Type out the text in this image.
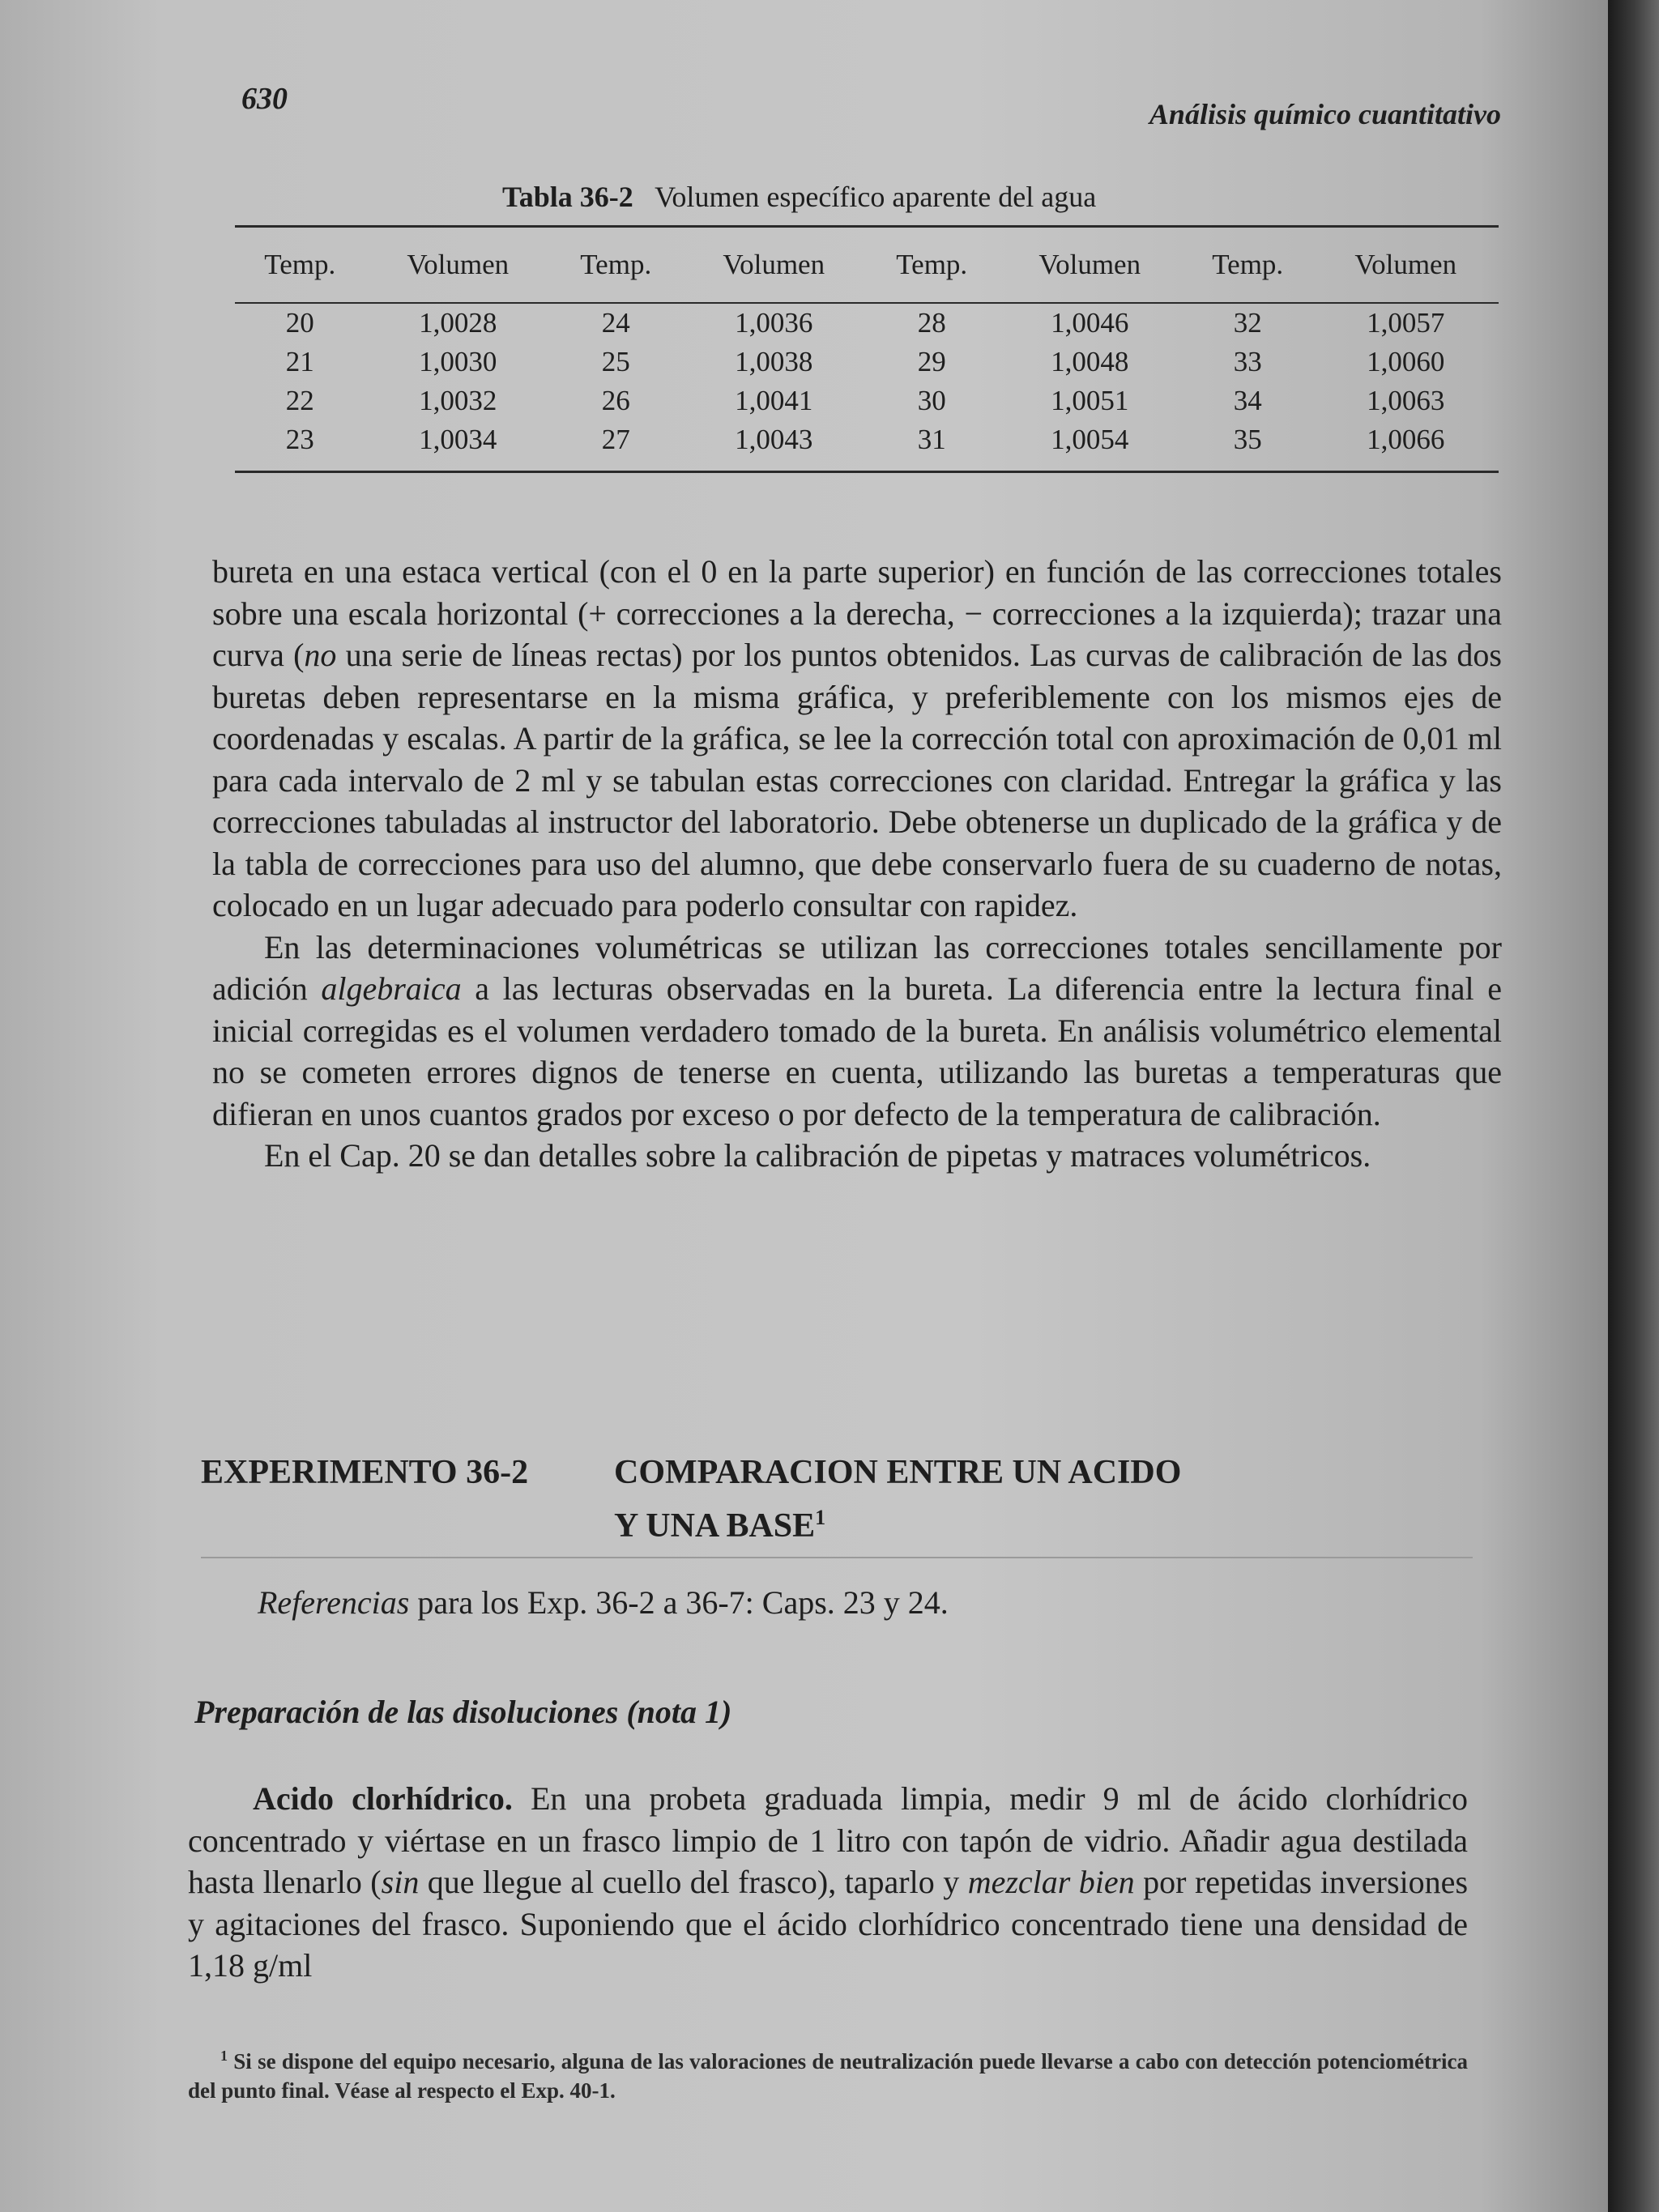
630	Análisis químico cuantitativo
Tabla 36-2 Volumen específico aparente del agua
Temp.	Volumen	Temp.	Volumen	Temp.	Volumen	Temp.	Volumen

20	1,0028	24	1,0036	28	1,0046	32	1,0057
21	1,0030	25	1,0038	29	1,0048	33	1,0060
22	1,0032	26	1,0041	30	1,0051	34	1,0063
23	1,0034	27	1,0043	31	1,0054	35	1,0066

bureta en una estaca vertical (con el 0 en la parte superior) en función de las correcciones totales sobre una escala horizontal (+ correcciones a la derecha, − correcciones a la izquierda); trazar una curva (no una serie de líneas rectas) por los puntos obtenidos. Las curvas de calibración de las dos buretas deben representarse en la misma gráfica, y preferiblemente con los mismos ejes de coordenadas y escalas. A partir de la gráfica, se lee la corrección total con aproximación de 0,01 ml para cada intervalo de 2 ml y se tabulan estas correcciones con claridad. Entregar la gráfica y las correcciones tabuladas al instructor del laboratorio. Debe obtenerse un duplicado de la gráfica y de la tabla de correcciones para uso del alumno, que debe conservarlo fuera de su cuaderno de notas, colocado en un lugar adecuado para poderlo consultar con rapidez.

En las determinaciones volumétricas se utilizan las correcciones totales sencillamente por adición algebraica a las lecturas observadas en la bureta. La diferencia entre la lectura final e inicial corregidas es el volumen verdadero tomado de la bureta. En análisis volumétrico elemental no se cometen errores dignos de tenerse en cuenta, utilizando las buretas a temperaturas que difieran en unos cuantos grados por exceso o por defecto de la temperatura de calibración.

En el Cap. 20 se dan detalles sobre la calibración de pipetas y matraces volumétricos.

EXPERIMENTO 36-2	COMPARACION ENTRE UN ACIDO
Y UNA BASE$^1$
Referencias para los Exp. 36-2 a 36-7: Caps. 23 y 24.
Preparación de las disoluciones (nota 1)
Acido clorhídrico. En una probeta graduada limpia, medir 9 ml de ácido clorhídrico concentrado y viértase en un frasco limpio de 1 litro con tapón de vidrio. Añadir agua destilada hasta llenarlo (sin que llegue al cuello del frasco), taparlo y mezclar bien por repetidas inversiones y agitaciones del frasco. Suponiendo que el ácido clorhídrico concentrado tiene una densidad de 1,18 g/ml
$^1$ Si se dispone del equipo necesario, alguna de las valoraciones de neutralización puede llevarse a cabo con detección potenciométrica del punto final. Véase al respecto el Exp. 40-1.
